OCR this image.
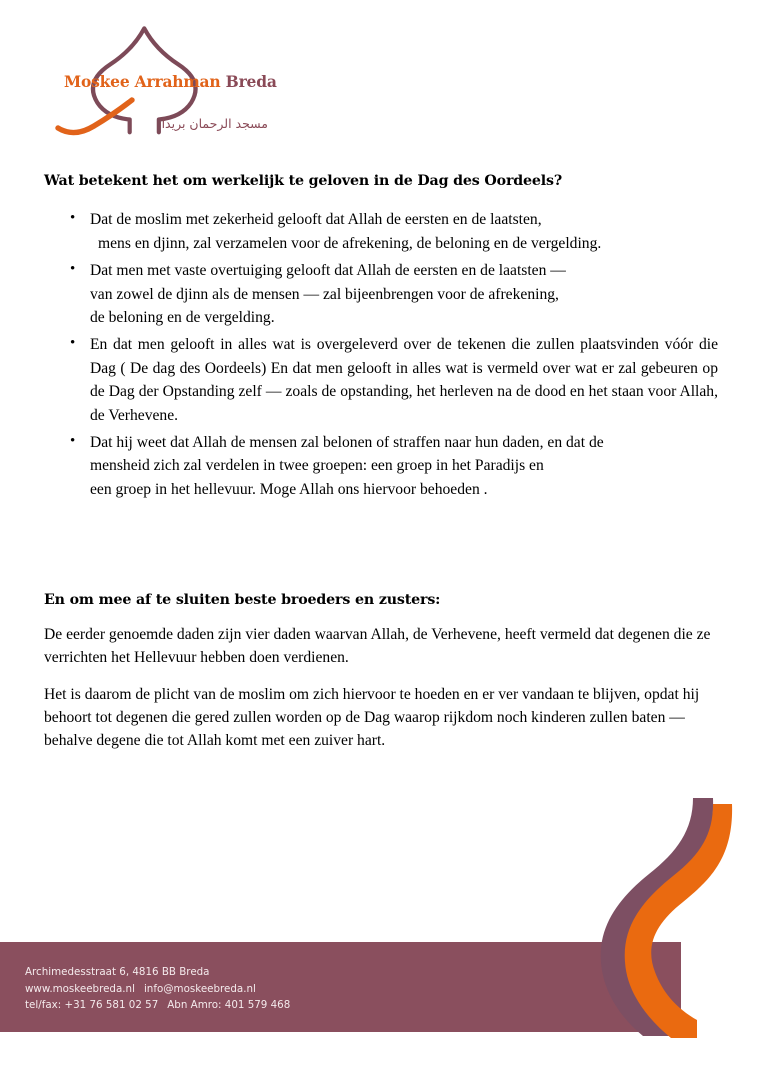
Moskee Arrahman Breda
مسجد الرحمان بريدا
Wat betekent het om werkelijk te geloven in de Dag des Oordeels?
• Dat de moslim met zekerheid gelooft dat Allah de eersten en de laatsten,
mens en djinn, zal verzamelen voor de afrekening, de beloning en de vergelding.
• Dat men met vaste overtuiging gelooft dat Allah de eersten en de laatsten —
van zowel de djinn als de mensen — zal bijeenbrengen voor de afrekening,
de beloning en de vergelding.
• En dat men gelooft in alles wat is overgeleverd over de tekenen die zullen plaatsvinden vóór die Dag ( De dag des Oordeels) En dat men gelooft in alles wat is vermeld over wat er zal gebeuren op de Dag der Opstanding zelf — zoals de opstanding, het herleven na de dood en het staan voor Allah, de Verhevene.
• Dat hij weet dat Allah de mensen zal belonen of straffen naar hun daden, en dat de
mensheid zich zal verdelen in twee groepen: een groep in het Paradijs en
een groep in het hellevuur. Moge Allah ons hiervoor behoeden .
En om mee af te sluiten beste broeders en zusters:

De eerder genoemde daden zijn vier daden waarvan Allah, de Verhevene, heeft vermeld dat degenen die ze verrichten het Hellevuur hebben doen verdienen.

Het is daarom de plicht van de moslim om zich hiervoor te hoeden en er ver vandaan te blijven, opdat hij behoort tot degenen die gered zullen worden op de Dag waarop rijkdom noch kinderen zullen baten — behalve degene die tot Allah komt met een zuiver hart.

Archimedesstraat 6, 4816 BB Breda
www.moskeebreda.nl info@moskeebreda.nl
tel/fax: +31 76 581 02 57 Abn Amro: 401 579 468
